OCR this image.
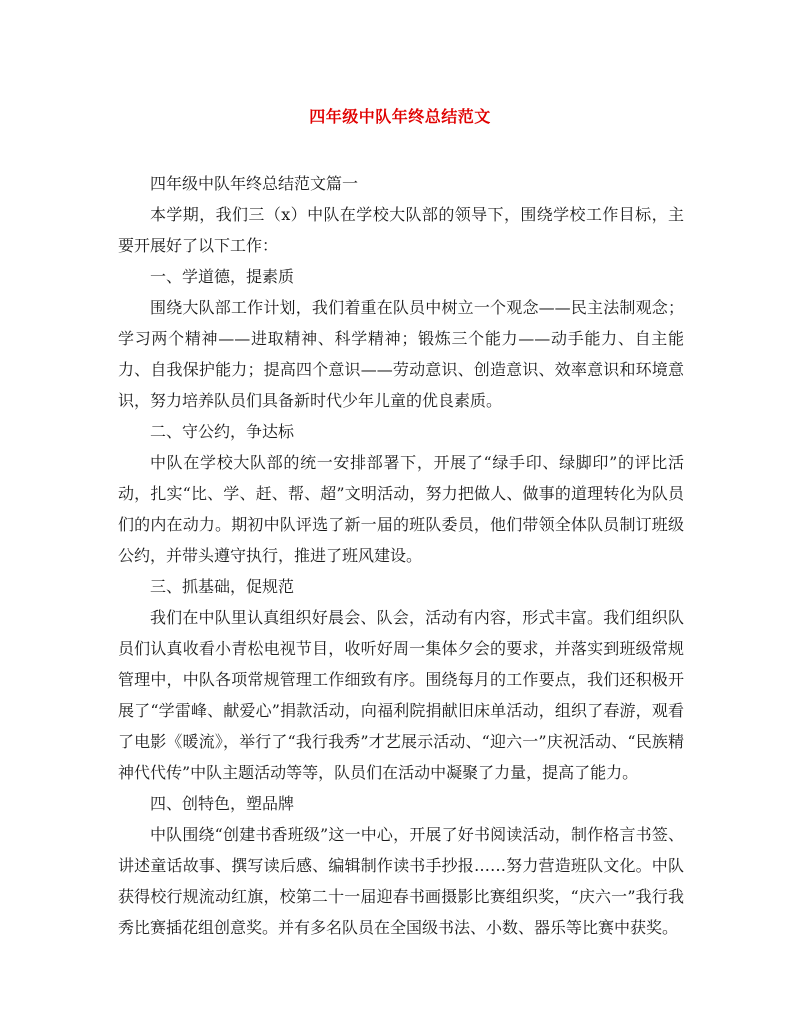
四年级中队年终总结范文

四年级中队年终总结范文篇一

本学期，我们三（x）中队在学校大队部的领导下，围绕学校工作目标，主要开展好了以下工作：

一、学道德，提素质

围绕大队部工作计划，我们着重在队员中树立一个观念——民主法制观念；学习两个精神——进取精神、科学精神；锻炼三个能力——动手能力、自主能力、自我保护能力；提高四个意识——劳动意识、创造意识、效率意识和环境意识，努力培养队员们具备新时代少年儿童的优良素质。

二、守公约，争达标

中队在学校大队部的统一安排部署下，开展了“绿手印、绿脚印”的评比活动，扎实“比、学、赶、帮、超”文明活动，努力把做人、做事的道理转化为队员们的内在动力。期初中队评选了新一届的班队委员，他们带领全体队员制订班级公约，并带头遵守执行，推进了班风建设。

三、抓基础，促规范

我们在中队里认真组织好晨会、队会，活动有内容，形式丰富。我们组织队员们认真收看小青松电视节目，收听好周一集体夕会的要求，并落实到班级常规管理中，中队各项常规管理工作细致有序。围绕每月的工作要点，我们还积极开展了“学雷峰、献爱心”捐款活动，向福利院捐献旧床单活动，组织了春游，观看了电影《暖流》，举行了“我行我秀”才艺展示活动、“迎六一”庆祝活动、“民族精神代代传”中队主题活动等等，队员们在活动中凝聚了力量，提高了能力。

四、创特色，塑品牌

中队围绕“创建书香班级”这一中心，开展了好书阅读活动，制作格言书签、讲述童话故事、撰写读后感、编辑制作读书手抄报……努力营造班队文化。中队获得校行规流动红旗，校第二十一届迎春书画摄影比赛组织奖，“庆六一”我行我秀比赛插花组创意奖。并有多名队员在全国级书法、小数、器乐等比赛中获奖。
